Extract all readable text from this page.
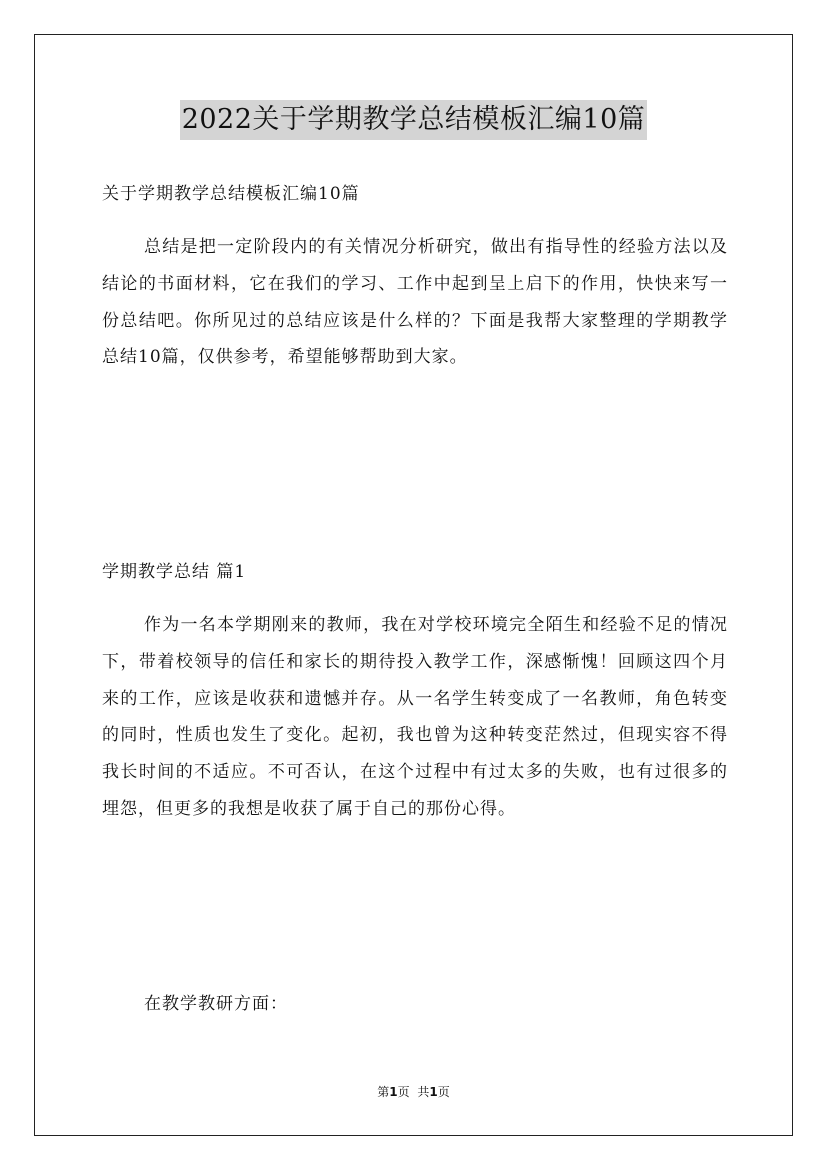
2022关于学期教学总结模板汇编10篇

关于学期教学总结模板汇编10篇

总结是把一定阶段内的有关情况分析研究，做出有指导性的经验方法以及结论的书面材料，它在我们的学习、工作中起到呈上启下的作用，快快来写一份总结吧。你所见过的总结应该是什么样的？下面是我帮大家整理的学期教学总结10篇，仅供参考，希望能够帮助到大家。

学期教学总结 篇1

作为一名本学期刚来的教师，我在对学校环境完全陌生和经验不足的情况下，带着校领导的信任和家长的期待投入教学工作，深感惭愧！回顾这四个月来的工作，应该是收获和遗憾并存。从一名学生转变成了一名教师，角色转变的同时，性质也发生了变化。起初，我也曾为这种转变茫然过，但现实容不得我长时间的不适应。不可否认，在这个过程中有过太多的失败，也有过很多的埋怨，但更多的我想是收获了属于自己的那份心得。

在教学教研方面：

第1页 共1页
